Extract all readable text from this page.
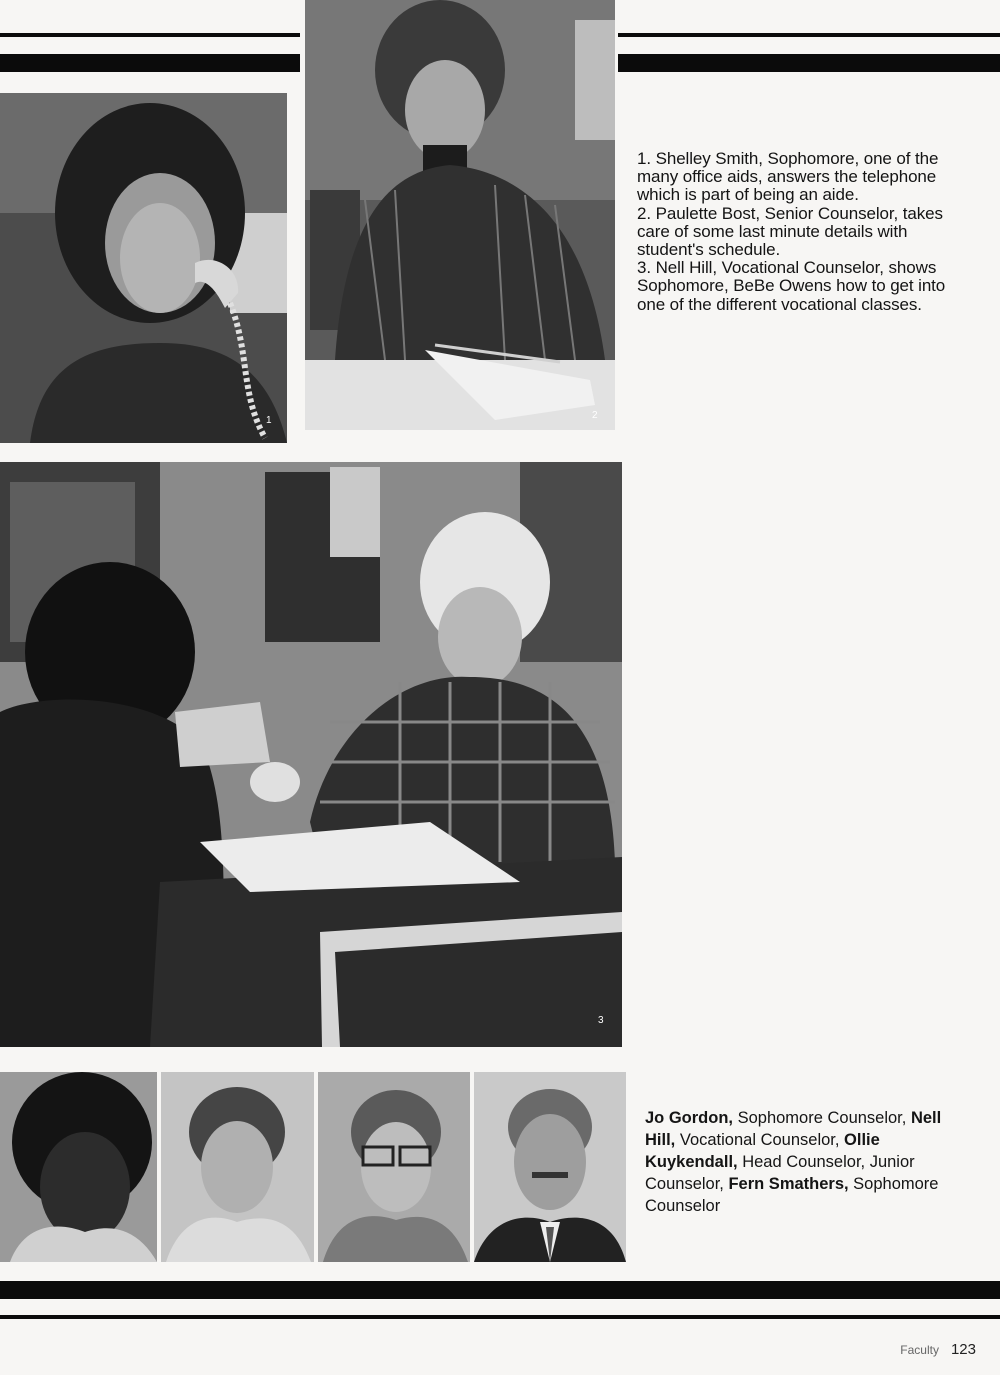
1	2

1. Shelley Smith, Sophomore, one of the many office aids, answers the telephone which is part of being an aide.

2. Paulette Bost, Senior Counselor, takes care of some last minute details with student's schedule.

3. Nell Hill, Vocational Counselor, shows Sophomore, BeBe Owens how to get into one of the different vocational classes.

3
Jo Gordon, Sophomore Counselor, Nell Hill, Vocational Counselor, Ollie Kuykendall, Head Counselor, Junior Counselor, Fern Smathers, Sophomore Counselor
Faculty 123
